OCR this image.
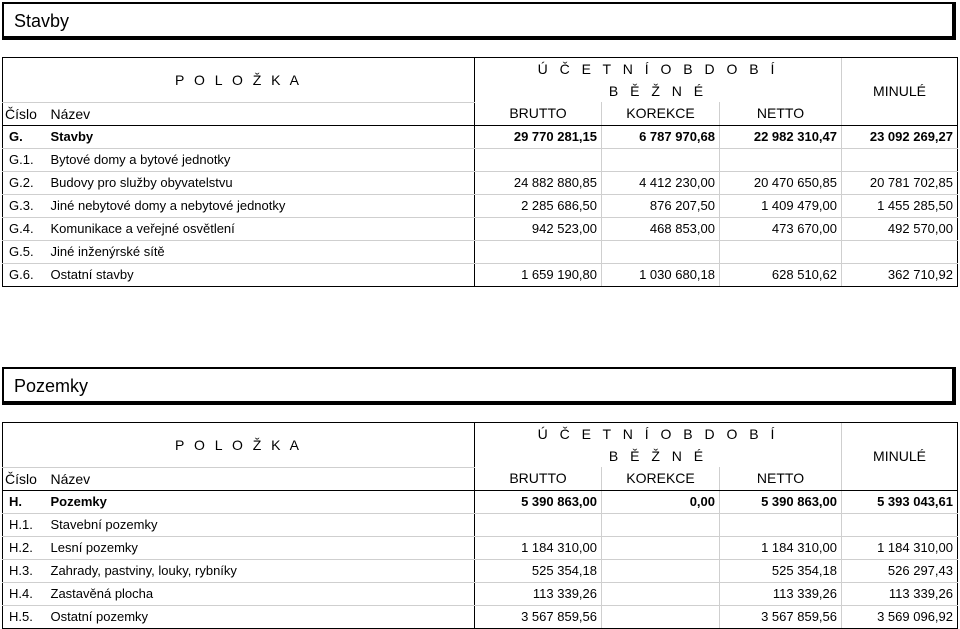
Stavby
P O L O Ž K A		Ú Č E T N Í O B D O B Í			MINULÉ
		B Ě Ž N É			
Číslo	Název	BRUTTO	KOREKCE	NETTO	
G.	Stavby	29 770 281,15	6 787 970,68	22 982 310,47	23 092 269,27
G.1.	Bytové domy a bytové jednotky				
G.2.	Budovy pro služby obyvatelstvu	24 882 880,85	4 412 230,00	20 470 650,85	20 781 702,85
G.3.	Jiné nebytové domy a nebytové jednotky	2 285 686,50	876 207,50	1 409 479,00	1 455 285,50
G.4.	Komunikace a veřejné osvětlení	942 523,00	468 853,00	473 670,00	492 570,00
G.5.	Jiné inženýrské sítě				
G.6.	Ostatní stavby	1 659 190,80	1 030 680,18	628 510,62	362 710,92
Pozemky
P O L O Ž K A		Ú Č E T N Í O B D O B Í			MINULÉ
		B Ě Ž N É			
Číslo	Název	BRUTTO	KOREKCE	NETTO	
H.	Pozemky	5 390 863,00	0,00	5 390 863,00	5 393 043,61
H.1.	Stavební pozemky				
H.2.	Lesní pozemky	1 184 310,00		1 184 310,00	1 184 310,00
H.3.	Zahrady, pastviny, louky, rybníky	525 354,18		525 354,18	526 297,43
H.4.	Zastavěná plocha	113 339,26		113 339,26	113 339,26
H.5.	Ostatní pozemky	3 567 859,56		3 567 859,56	3 569 096,92
